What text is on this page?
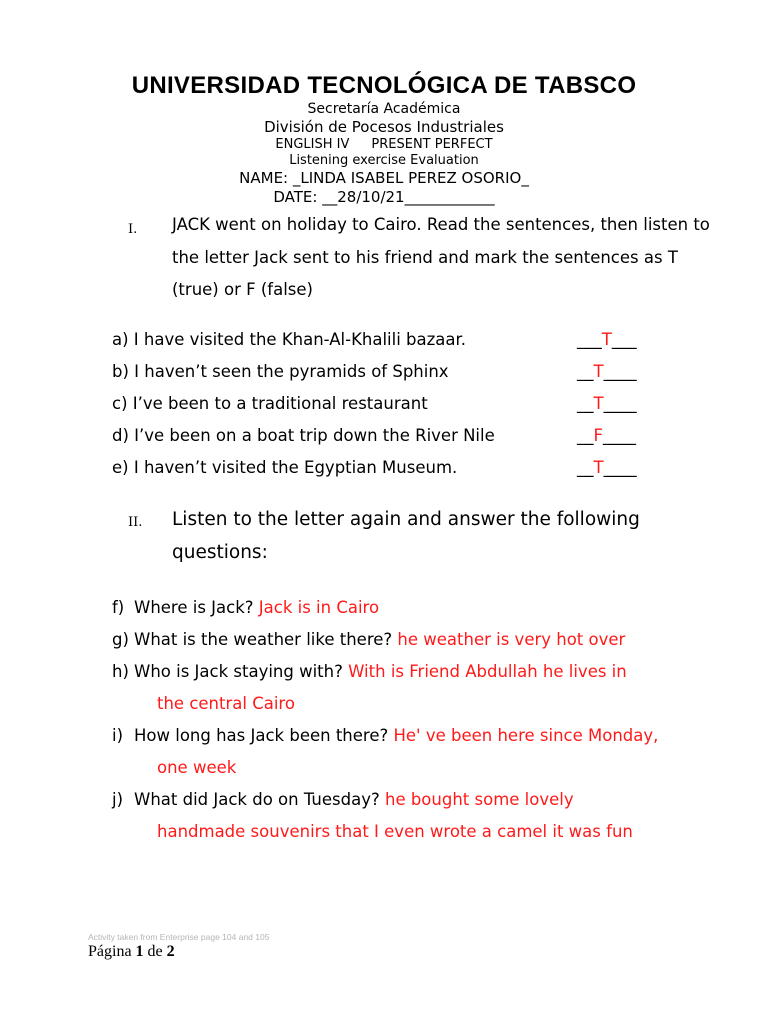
UNIVERSIDAD TECNOLÓGICA DE TABSCO
Secretaría Académica
División de Pocesos Industriales
ENGLISH IV PRESENT PERFECT
Listening exercise Evaluation
NAME: _LINDA ISABEL PEREZ OSORIO_
DATE: __28/10/21____________
I. JACK went on holiday to Cairo. Read the sentences, then listen to the letter Jack sent to his friend and mark the sentences as T (true) or F (false)
a) I have visited the Khan-Al-Khalili bazaar.	___T___
b) I haven’t seen the pyramids of Sphinx	__T____
c) I’ve been to a traditional restaurant	__T____
d) I’ve been on a boat trip down the River Nile	__F____
e) I haven’t visited the Egyptian Museum.	__T____
II. Listen to the letter again and answer the following questions:
f) Where is Jack? Jack is in Cairo
g) What is the weather like there? he weather is very hot over
h) Who is Jack staying with? With is Friend Abdullah he lives in
the central Cairo
i) How long has Jack been there? He' ve been here since Monday,
one week
j) What did Jack do on Tuesday? he bought some lovely
handmade souvenirs that I even wrote a camel it was fun
Activity taken from Enterprise page 104 and 105
Página 1 de 2
